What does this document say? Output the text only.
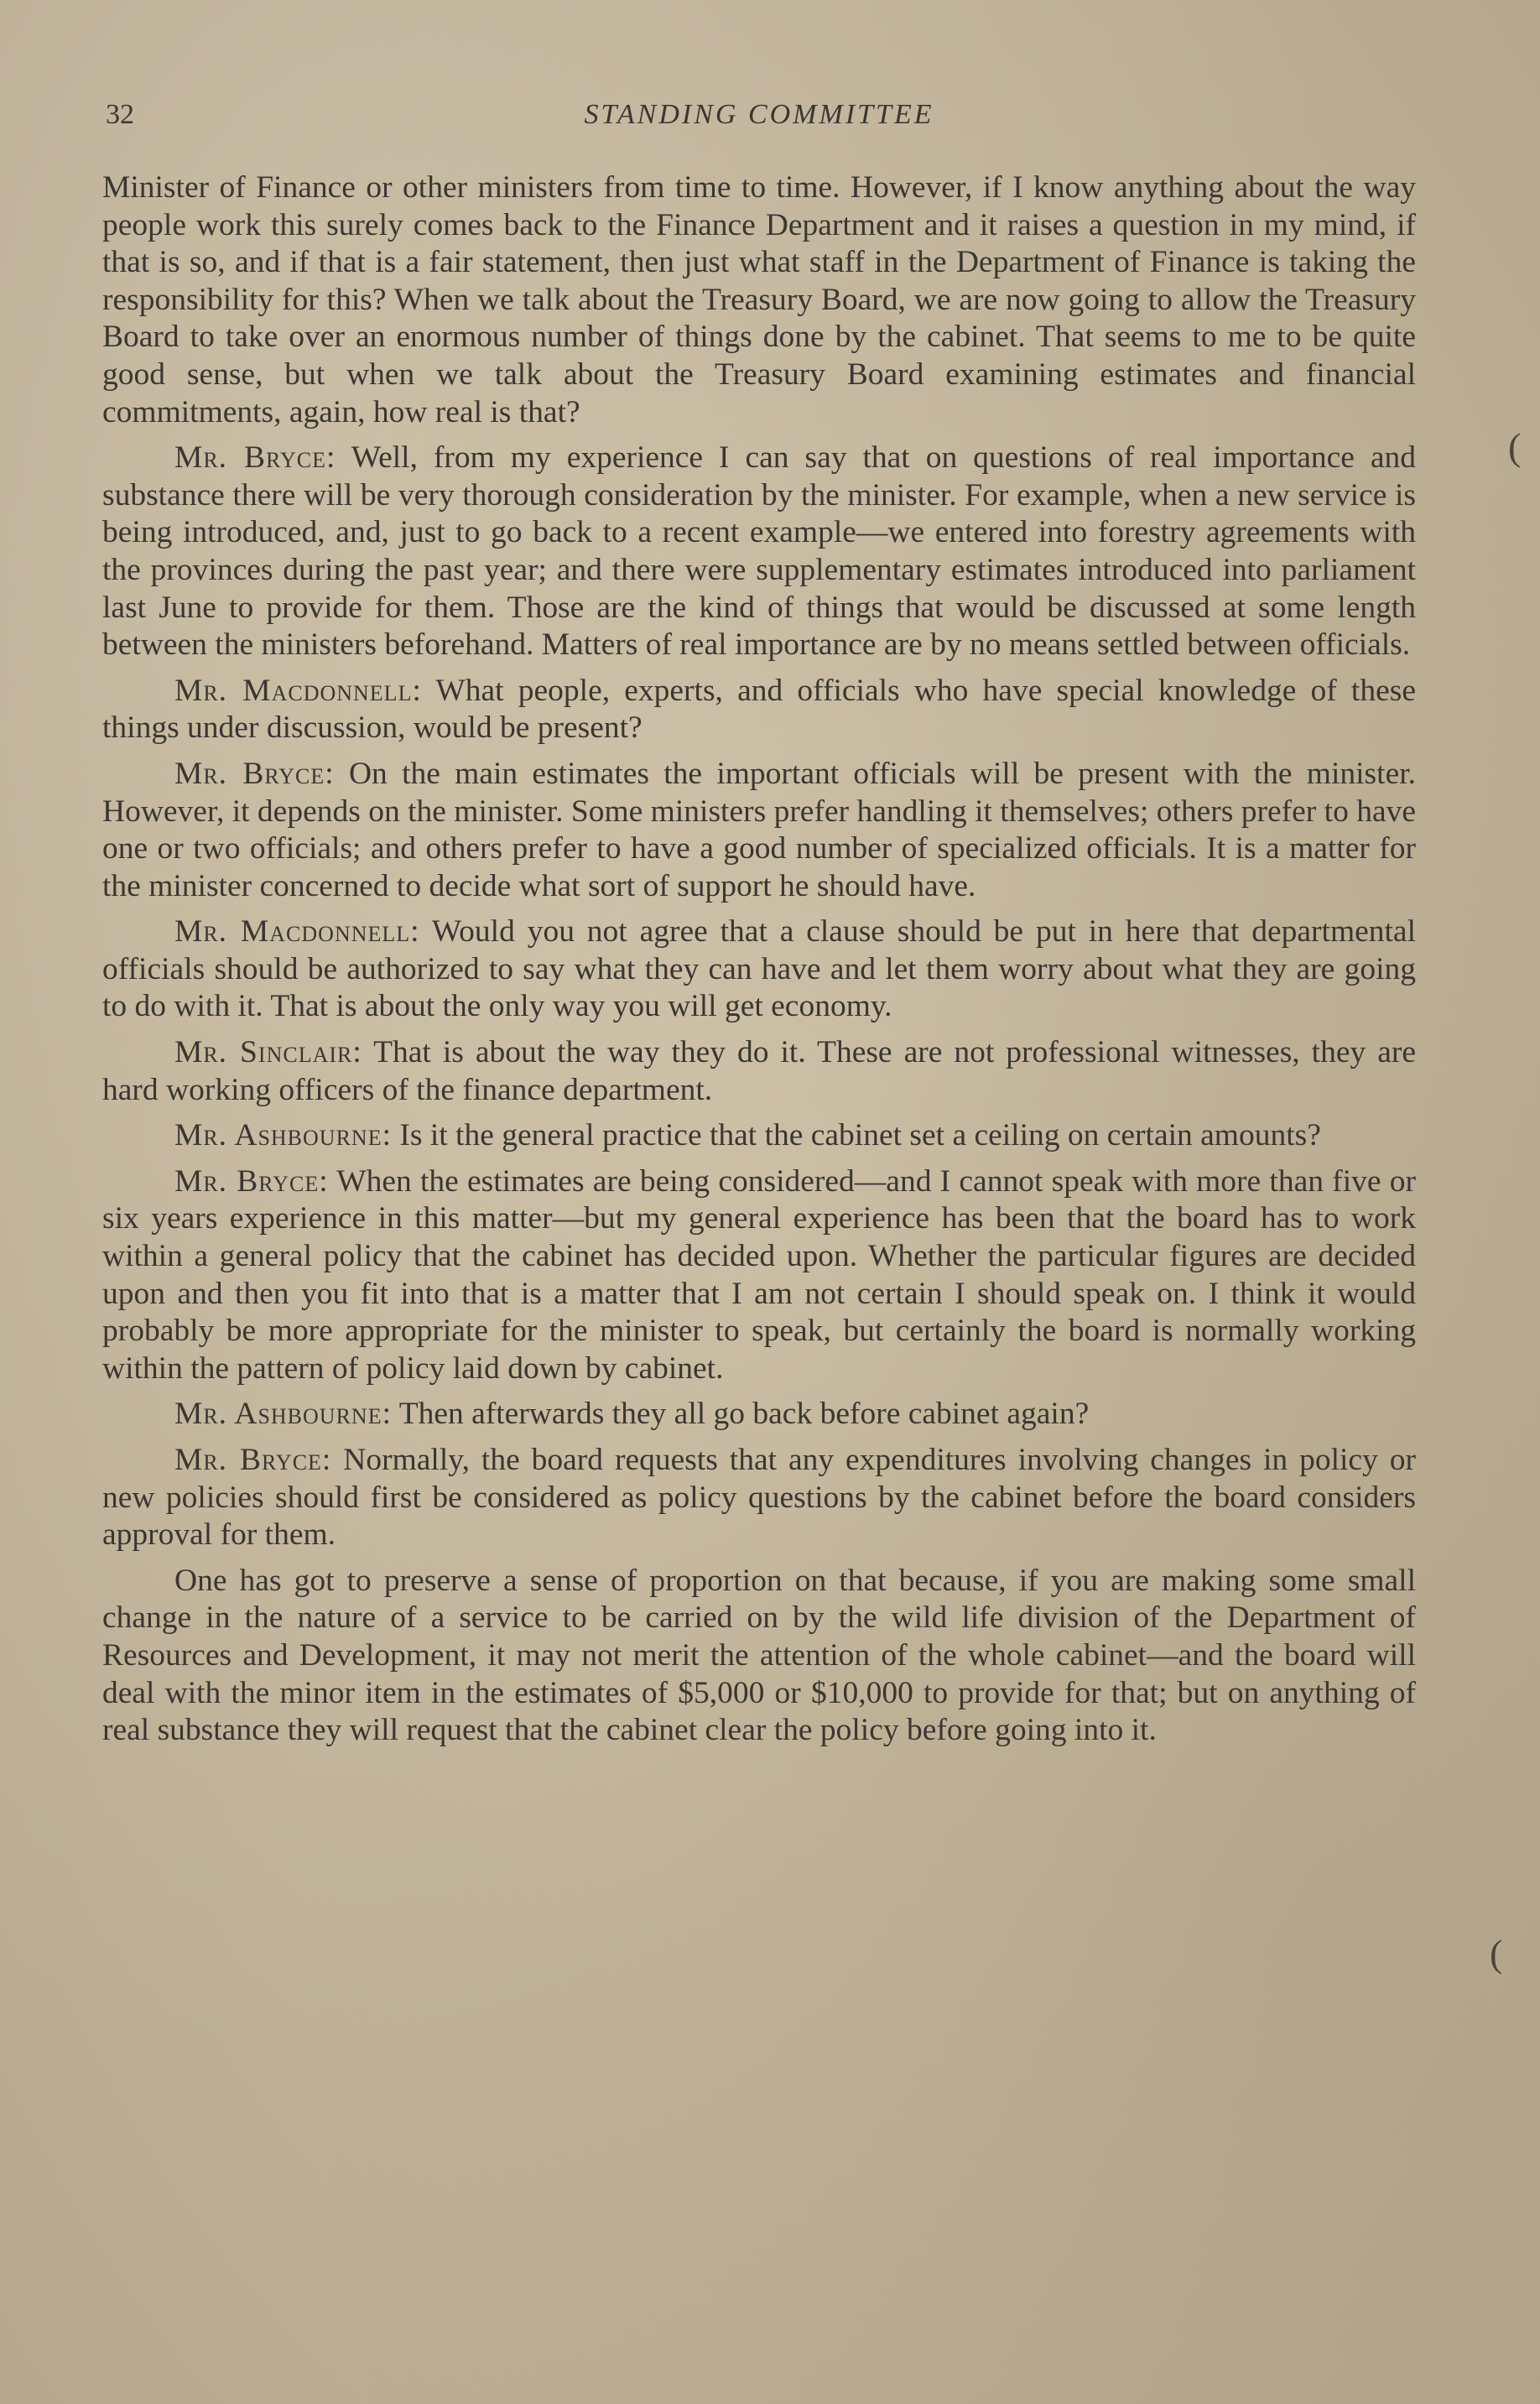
32	STANDING COMMITTEE

Minister of Finance or other ministers from time to time. However, if I know anything about the way people work this surely comes back to the Finance Department and it raises a question in my mind, if that is so, and if that is a fair statement, then just what staff in the Department of Finance is taking the responsibility for this? When we talk about the Treasury Board, we are now going to allow the Treasury Board to take over an enormous number of things done by the cabinet. That seems to me to be quite good sense, but when we talk about the Treasury Board examining estimates and financial commitments, again, how real is that?

Mr. Bryce: Well, from my experience I can say that on questions of real importance and substance there will be very thorough consideration by the minister. For example, when a new service is being introduced, and, just to go back to a recent example—we entered into forestry agreements with the provinces during the past year; and there were supplementary estimates introduced into parliament last June to provide for them. Those are the kind of things that would be discussed at some length between the ministers beforehand. Matters of real importance are by no means settled between officials.

Mr. Macdonnell: What people, experts, and officials who have special knowledge of these things under discussion, would be present?

Mr. Bryce: On the main estimates the important officials will be present with the minister. However, it depends on the minister. Some ministers prefer handling it themselves; others prefer to have one or two officials; and others prefer to have a good number of specialized officials. It is a matter for the minister concerned to decide what sort of support he should have.

Mr. Macdonnell: Would you not agree that a clause should be put in here that departmental officials should be authorized to say what they can have and let them worry about what they are going to do with it. That is about the only way you will get economy.

Mr. Sinclair: That is about the way they do it. These are not professional witnesses, they are hard working officers of the finance department.

Mr. Ashbourne: Is it the general practice that the cabinet set a ceiling on certain amounts?

Mr. Bryce: When the estimates are being considered—and I cannot speak with more than five or six years experience in this matter—but my general experience has been that the board has to work within a general policy that the cabinet has decided upon. Whether the particular figures are decided upon and then you fit into that is a matter that I am not certain I should speak on. I think it would probably be more appropriate for the minister to speak, but certainly the board is normally working within the pattern of policy laid down by cabinet.

Mr. Ashbourne: Then afterwards they all go back before cabinet again?

Mr. Bryce: Normally, the board requests that any expenditures involving changes in policy or new policies should first be considered as policy questions by the cabinet before the board considers approval for them.

One has got to preserve a sense of proportion on that because, if you are making some small change in the nature of a service to be carried on by the wild life division of the Department of Resources and Development, it may not merit the attention of the whole cabinet—and the board will deal with the minor item in the estimates of $5,000 or $10,000 to provide for that; but on anything of real substance they will request that the cabinet clear the policy before going into it.

(
(
